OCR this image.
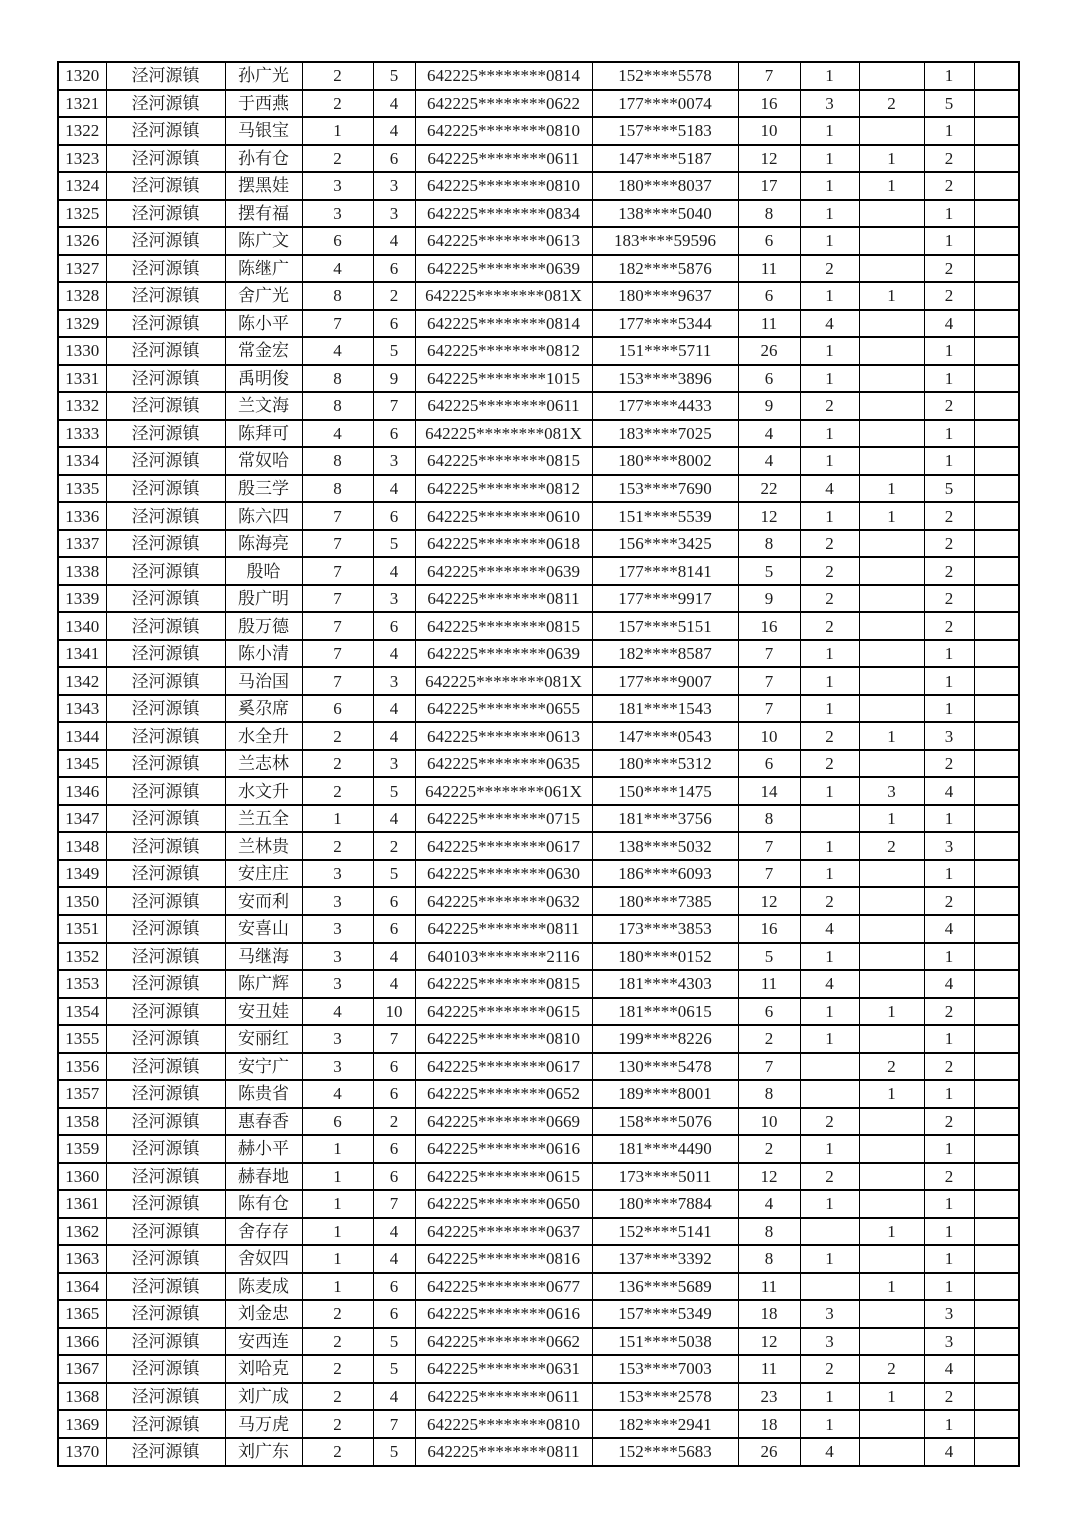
1320	泾河源镇	孙广光	2	5	642225********0814	152****5578	7	1		1	
1321	泾河源镇	于西燕	2	4	642225********0622	177****0074	16	3	2	5	
1322	泾河源镇	马银宝	1	4	642225********0810	157****5183	10	1		1	
1323	泾河源镇	孙有仓	2	6	642225********0611	147****5187	12	1	1	2	
1324	泾河源镇	摆黑娃	3	3	642225********0810	180****8037	17	1	1	2	
1325	泾河源镇	摆有福	3	3	642225********0834	138****5040	8	1		1	
1326	泾河源镇	陈广文	6	4	642225********0613	183****59596	6	1		1	
1327	泾河源镇	陈继广	4	6	642225********0639	182****5876	11	2		2	
1328	泾河源镇	舍广光	8	2	642225********081X	180****9637	6	1	1	2	
1329	泾河源镇	陈小平	7	6	642225********0814	177****5344	11	4		4	
1330	泾河源镇	常金宏	4	5	642225********0812	151****5711	26	1		1	
1331	泾河源镇	禹明俊	8	9	642225********1015	153****3896	6	1		1	
1332	泾河源镇	兰文海	8	7	642225********0611	177****4433	9	2		2	
1333	泾河源镇	陈拜可	4	6	642225********081X	183****7025	4	1		1	
1334	泾河源镇	常奴哈	8	3	642225********0815	180****8002	4	1		1	
1335	泾河源镇	殷三学	8	4	642225********0812	153****7690	22	4	1	5	
1336	泾河源镇	陈六四	7	6	642225********0610	151****5539	12	1	1	2	
1337	泾河源镇	陈海亮	7	5	642225********0618	156****3425	8	2		2	
1338	泾河源镇	殷哈	7	4	642225********0639	177****8141	5	2		2	
1339	泾河源镇	殷广明	7	3	642225********0811	177****9917	9	2		2	
1340	泾河源镇	殷万德	7	6	642225********0815	157****5151	16	2		2	
1341	泾河源镇	陈小清	7	4	642225********0639	182****8587	7	1		1	
1342	泾河源镇	马治国	7	3	642225********081X	177****9007	7	1		1	
1343	泾河源镇	奚尕席	6	4	642225********0655	181****1543	7	1		1	
1344	泾河源镇	水全升	2	4	642225********0613	147****0543	10	2	1	3	
1345	泾河源镇	兰志林	2	3	642225********0635	180****5312	6	2		2	
1346	泾河源镇	水文升	2	5	642225********061X	150****1475	14	1	3	4	
1347	泾河源镇	兰五全	1	4	642225********0715	181****3756	8		1	1	
1348	泾河源镇	兰林贵	2	2	642225********0617	138****5032	7	1	2	3	
1349	泾河源镇	安庄庄	3	5	642225********0630	186****6093	7	1		1	
1350	泾河源镇	安而利	3	6	642225********0632	180****7385	12	2		2	
1351	泾河源镇	安喜山	3	6	642225********0811	173****3853	16	4		4	
1352	泾河源镇	马继海	3	4	640103********2116	180****0152	5	1		1	
1353	泾河源镇	陈广辉	3	4	642225********0815	181****4303	11	4		4	
1354	泾河源镇	安丑娃	4	10	642225********0615	181****0615	6	1	1	2	
1355	泾河源镇	安丽红	3	7	642225********0810	199****8226	2	1		1	
1356	泾河源镇	安宁广	3	6	642225********0617	130****5478	7		2	2	
1357	泾河源镇	陈贵省	4	6	642225********0652	189****8001	8		1	1	
1358	泾河源镇	惠春香	6	2	642225********0669	158****5076	10	2		2	
1359	泾河源镇	赫小平	1	6	642225********0616	181****4490	2	1		1	
1360	泾河源镇	赫春地	1	6	642225********0615	173****5011	12	2		2	
1361	泾河源镇	陈有仓	1	7	642225********0650	180****7884	4	1		1	
1362	泾河源镇	舍存存	1	4	642225********0637	152****5141	8		1	1	
1363	泾河源镇	舍奴四	1	4	642225********0816	137****3392	8	1		1	
1364	泾河源镇	陈麦成	1	6	642225********0677	136****5689	11		1	1	
1365	泾河源镇	刘金忠	2	6	642225********0616	157****5349	18	3		3	
1366	泾河源镇	安西连	2	5	642225********0662	151****5038	12	3		3	
1367	泾河源镇	刘哈克	2	5	642225********0631	153****7003	11	2	2	4	
1368	泾河源镇	刘广成	2	4	642225********0611	153****2578	23	1	1	2	
1369	泾河源镇	马万虎	2	7	642225********0810	182****2941	18	1		1	
1370	泾河源镇	刘广东	2	5	642225********0811	152****5683	26	4		4	
